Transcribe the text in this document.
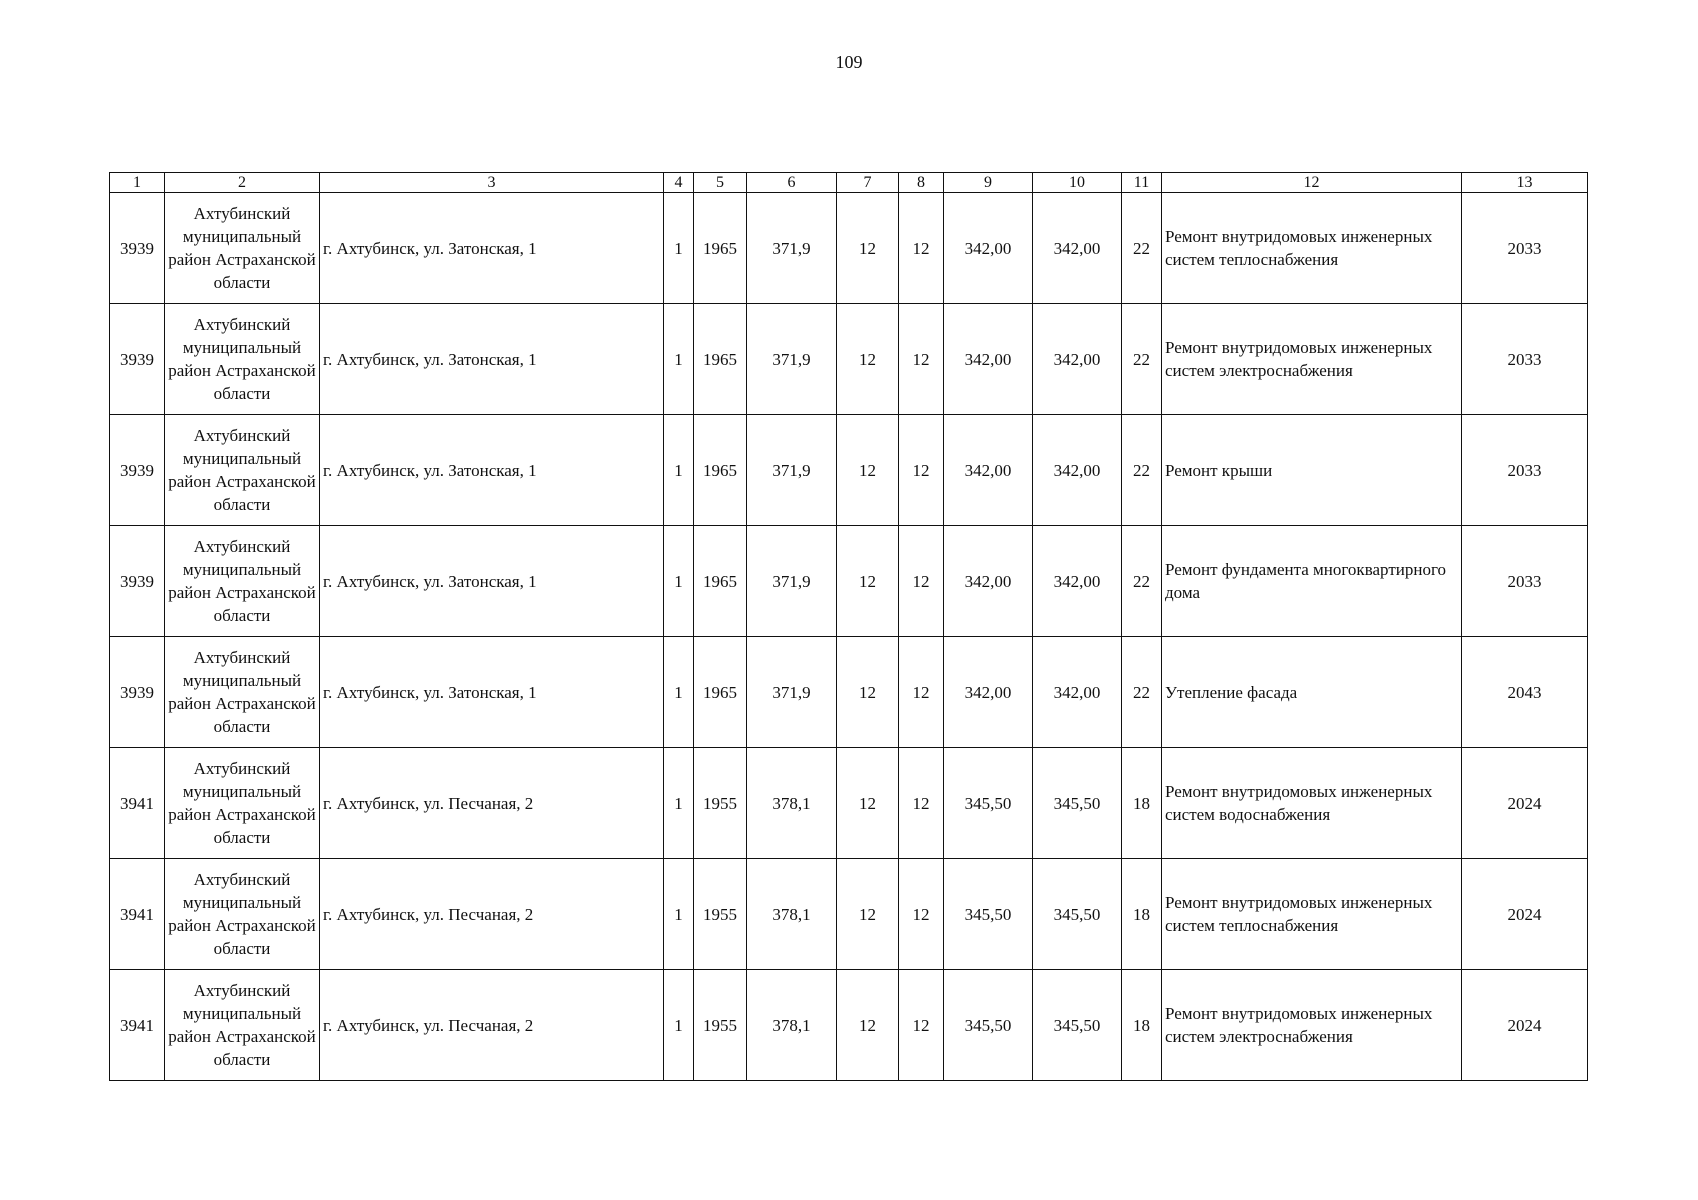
109
1	2	3	4	5	6	7	8	9	10	11	12	13
3939	Ахтубинский муниципальный район Астраханской области	г. Ахтубинск, ул. Затонская, 1	1	1965	371,9	12	12	342,00	342,00	22	Ремонт внутридомовых инженерных систем теплоснабжения	2033
3939	Ахтубинский муниципальный район Астраханской области	г. Ахтубинск, ул. Затонская, 1	1	1965	371,9	12	12	342,00	342,00	22	Ремонт внутридомовых инженерных систем электроснабжения	2033
3939	Ахтубинский муниципальный район Астраханской области	г. Ахтубинск, ул. Затонская, 1	1	1965	371,9	12	12	342,00	342,00	22	Ремонт крыши	2033
3939	Ахтубинский муниципальный район Астраханской области	г. Ахтубинск, ул. Затонская, 1	1	1965	371,9	12	12	342,00	342,00	22	Ремонт фундамента многоквартирного дома	2033
3939	Ахтубинский муниципальный район Астраханской области	г. Ахтубинск, ул. Затонская, 1	1	1965	371,9	12	12	342,00	342,00	22	Утепление фасада	2043
3941	Ахтубинский муниципальный район Астраханской области	г. Ахтубинск, ул. Песчаная, 2	1	1955	378,1	12	12	345,50	345,50	18	Ремонт внутридомовых инженерных систем водоснабжения	2024
3941	Ахтубинский муниципальный район Астраханской области	г. Ахтубинск, ул. Песчаная, 2	1	1955	378,1	12	12	345,50	345,50	18	Ремонт внутридомовых инженерных систем теплоснабжения	2024
3941	Ахтубинский муниципальный район Астраханской области	г. Ахтубинск, ул. Песчаная, 2	1	1955	378,1	12	12	345,50	345,50	18	Ремонт внутридомовых инженерных систем электроснабжения	2024
